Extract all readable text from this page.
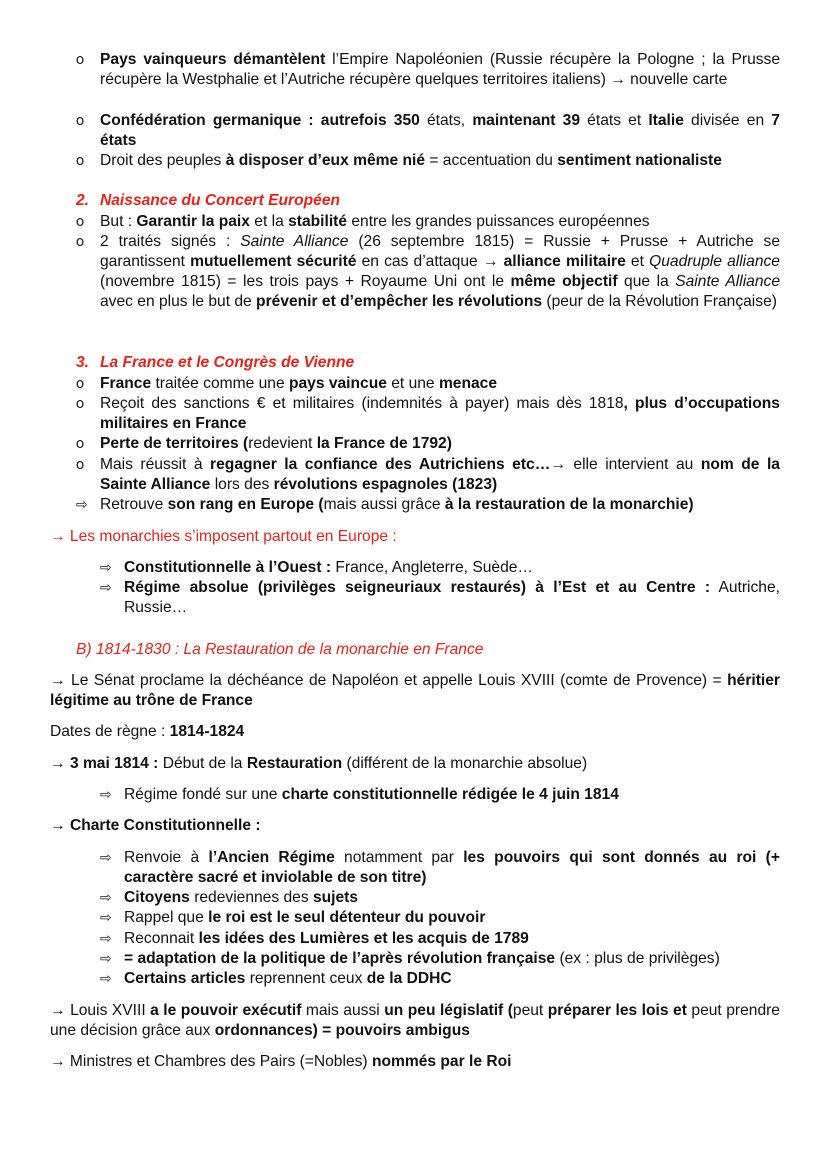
o Pays vainqueurs démantèlent l’Empire Napoléonien (Russie récupère la Pologne ; la Prusse récupère la Westphalie et l’Autriche récupère quelques territoires italiens) → nouvelle carte
o Confédération germanique : autrefois 350 états, maintenant 39 états et Italie divisée en 7 états
o Droit des peuples à disposer d’eux même nié = accentuation du sentiment nationaliste
2. Naissance du Concert Européen
o But : Garantir la paix et la stabilité entre les grandes puissances européennes
o 2 traités signés : Sainte Alliance (26 septembre 1815) = Russie + Prusse + Autriche se garantissent mutuellement sécurité en cas d’attaque → alliance militaire et Quadruple alliance (novembre 1815) = les trois pays + Royaume Uni ont le même objectif que la Sainte Alliance avec en plus le but de prévenir et d’empêcher les révolutions (peur de la Révolution Française)
3. La France et le Congrès de Vienne
o France traitée comme une pays vaincue et une menace
o Reçoit des sanctions € et militaires (indemnités à payer) mais dès 1818, plus d’occupations militaires en France
o Perte de territoires (redevient la France de 1792)
o Mais réussit à regagner la confiance des Autrichiens etc…→ elle intervient au nom de la Sainte Alliance lors des révolutions espagnoles (1823)
⇨ Retrouve son rang en Europe (mais aussi grâce à la restauration de la monarchie)
→ Les monarchies s’imposent partout en Europe :
⇨ Constitutionnelle à l’Ouest : France, Angleterre, Suède…
⇨ Régime absolue (privilèges seigneuriaux restaurés) à l’Est et au Centre : Autriche, Russie…
B) 1814-1830 : La Restauration de la monarchie en France
→ Le Sénat proclame la déchéance de Napoléon et appelle Louis XVIII (comte de Provence) = héritier légitime au trône de France
Dates de règne : 1814-1824
→ 3 mai 1814 : Début de la Restauration (différent de la monarchie absolue)
⇨ Régime fondé sur une charte constitutionnelle rédigée le 4 juin 1814
→ Charte Constitutionnelle :
⇨ Renvoie à l’Ancien Régime notamment par les pouvoirs qui sont donnés au roi (+ caractère sacré et inviolable de son titre)
⇨ Citoyens redeviennes des sujets
⇨ Rappel que le roi est le seul détenteur du pouvoir
⇨ Reconnait les idées des Lumières et les acquis de 1789
⇨ = adaptation de la politique de l’après révolution française (ex : plus de privilèges)
⇨ Certains articles reprennent ceux de la DDHC
→ Louis XVIII a le pouvoir exécutif mais aussi un peu législatif (peut préparer les lois et peut prendre une décision grâce aux ordonnances) = pouvoirs ambigus
→ Ministres et Chambres des Pairs (=Nobles) nommés par le Roi
